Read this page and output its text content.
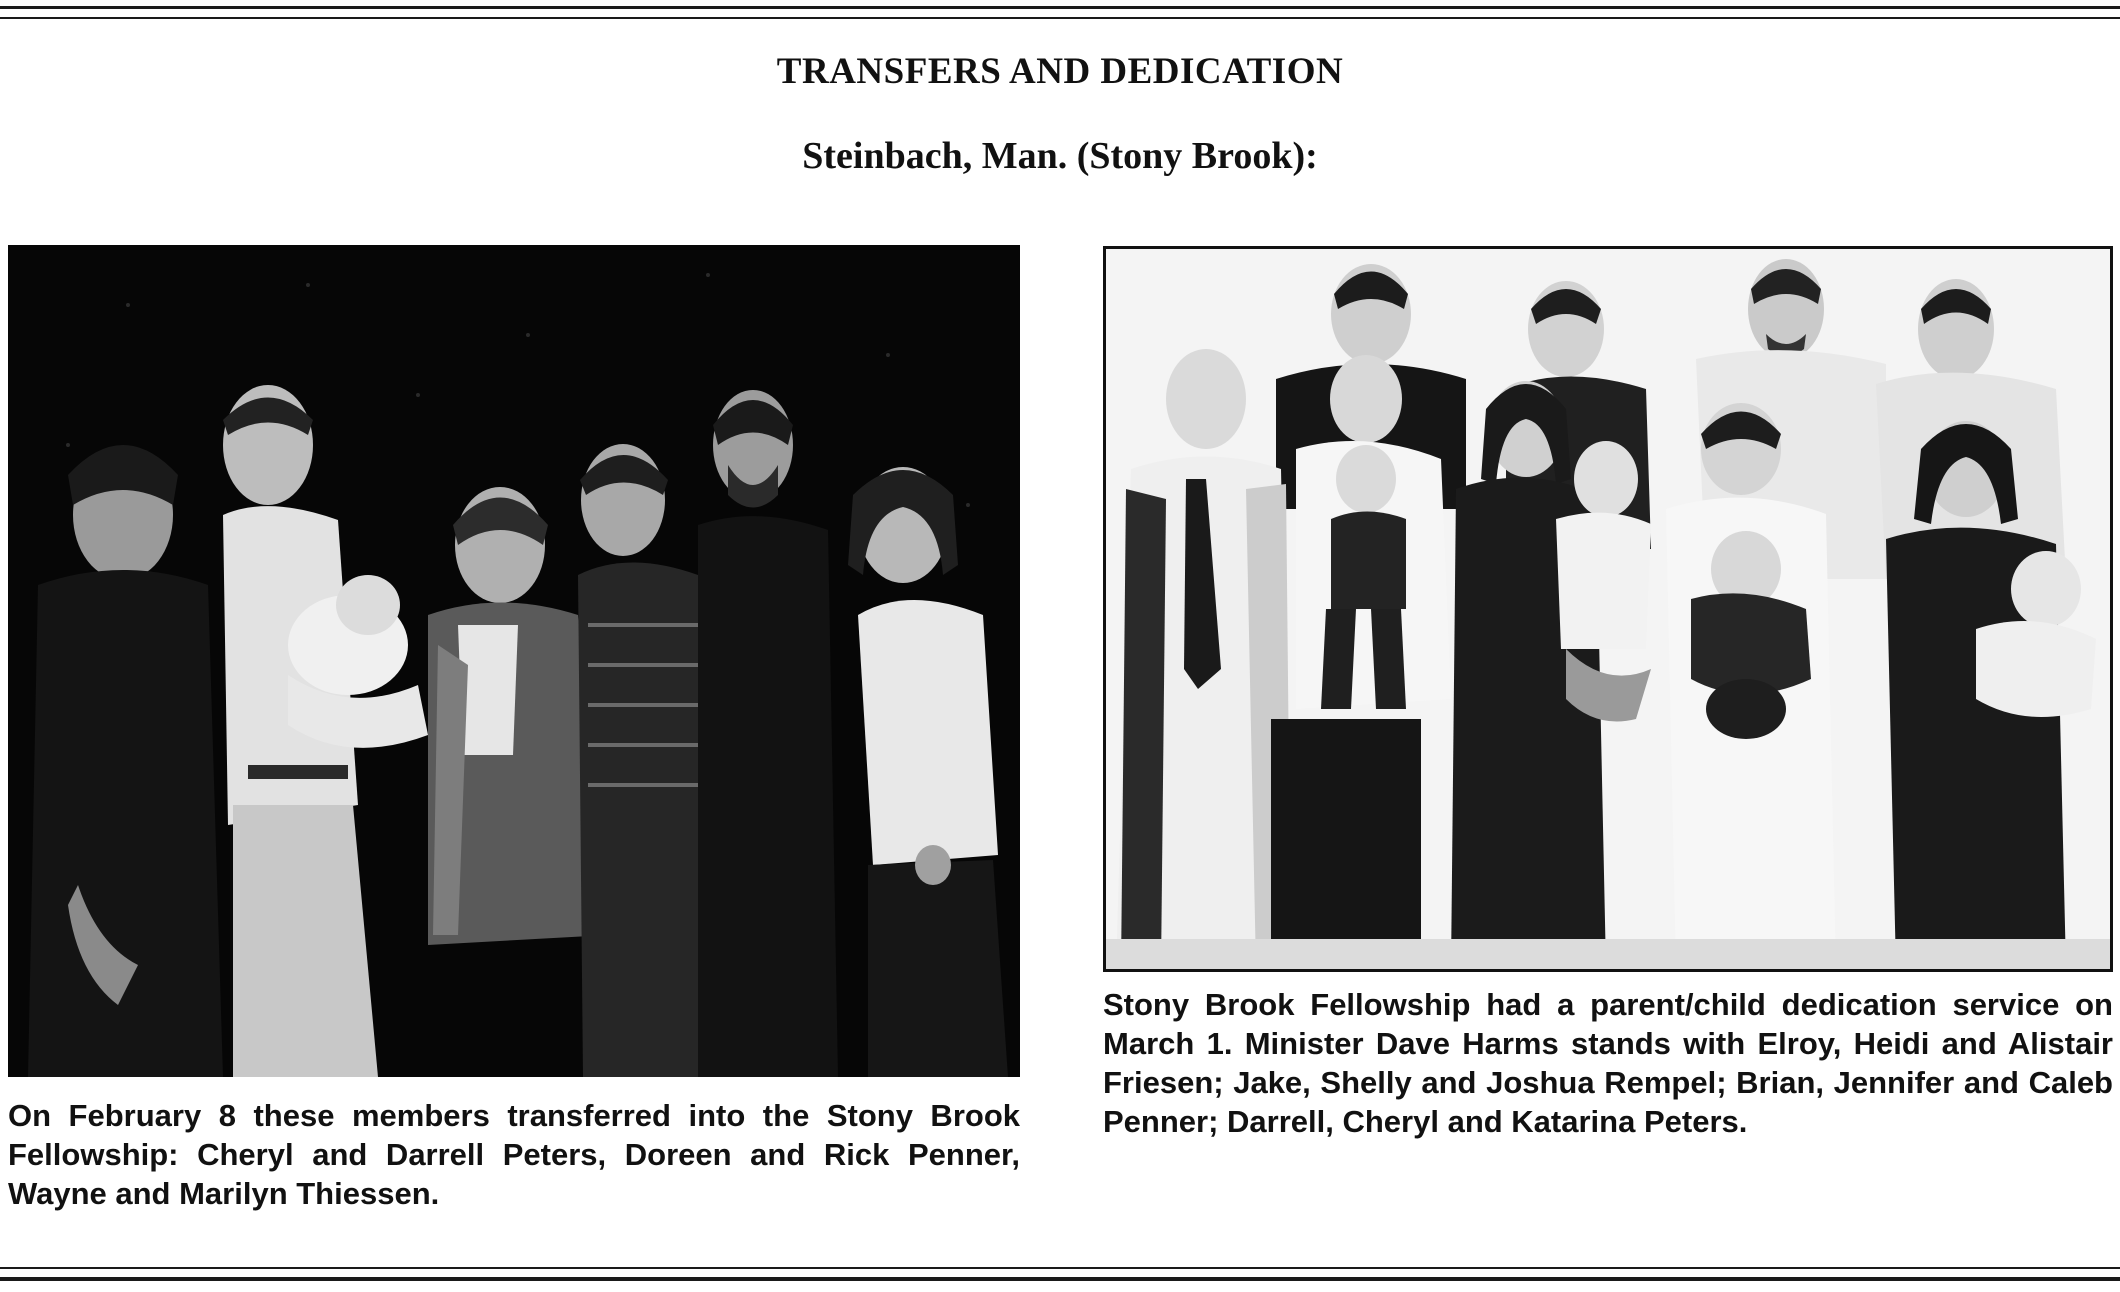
TRANSFERS AND DEDICATION
Steinbach, Man. (Stony Brook):
On February 8 these members transferred into the Stony Brook Fellowship: Cheryl and Darrell Peters, Doreen and Rick Penner, Wayne and Marilyn Thiessen.
Stony Brook Fellowship had a parent/child dedication service on March 1. Minister Dave Harms stands with Elroy, Heidi and Alistair Friesen; Jake, Shelly and Joshua Rempel; Brian, Jennifer and Caleb Penner; Darrell, Cheryl and Katarina Peters.
